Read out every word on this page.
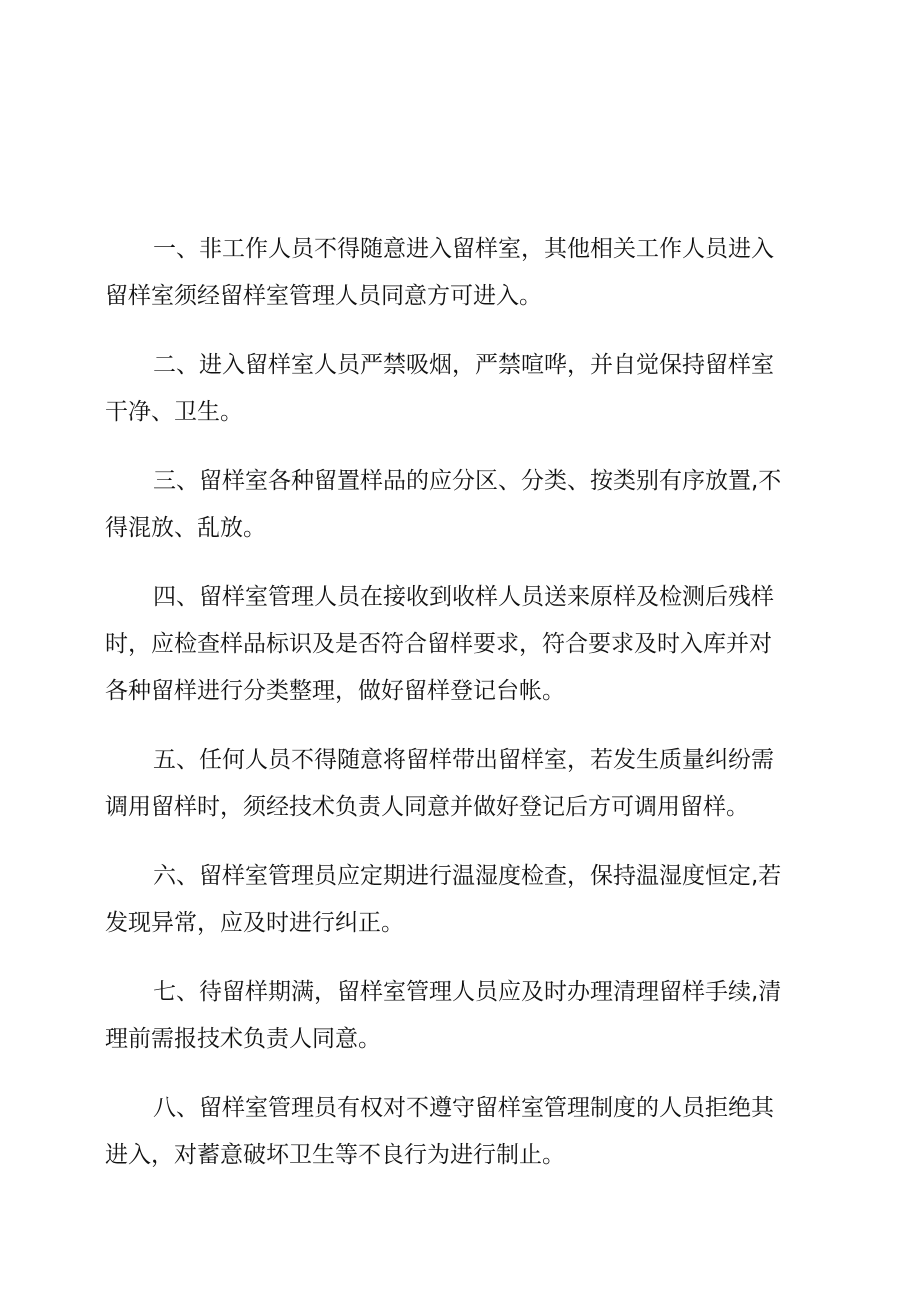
一、非工作人员不得随意进入留样室，其他相关工作人员进入留样室须经留样室管理人员同意方可进入。

二、进入留样室人员严禁吸烟，严禁喧哗，并自觉保持留样室干净、卫生。

三、留样室各种留置样品的应分区、分类、按类别有序放置,不得混放、乱放。

四、留样室管理人员在接收到收样人员送来原样及检测后残样时，应检查样品标识及是否符合留样要求，符合要求及时入库并对各种留样进行分类整理，做好留样登记台帐。

五、任何人员不得随意将留样带出留样室，若发生质量纠纷需调用留样时，须经技术负责人同意并做好登记后方可调用留样。

六、留样室管理员应定期进行温湿度检查，保持温湿度恒定,若发现异常，应及时进行纠正。

七、待留样期满，留样室管理人员应及时办理清理留样手续,清理前需报技术负责人同意。

八、留样室管理员有权对不遵守留样室管理制度的人员拒绝其进入，对蓄意破坏卫生等不良行为进行制止。
